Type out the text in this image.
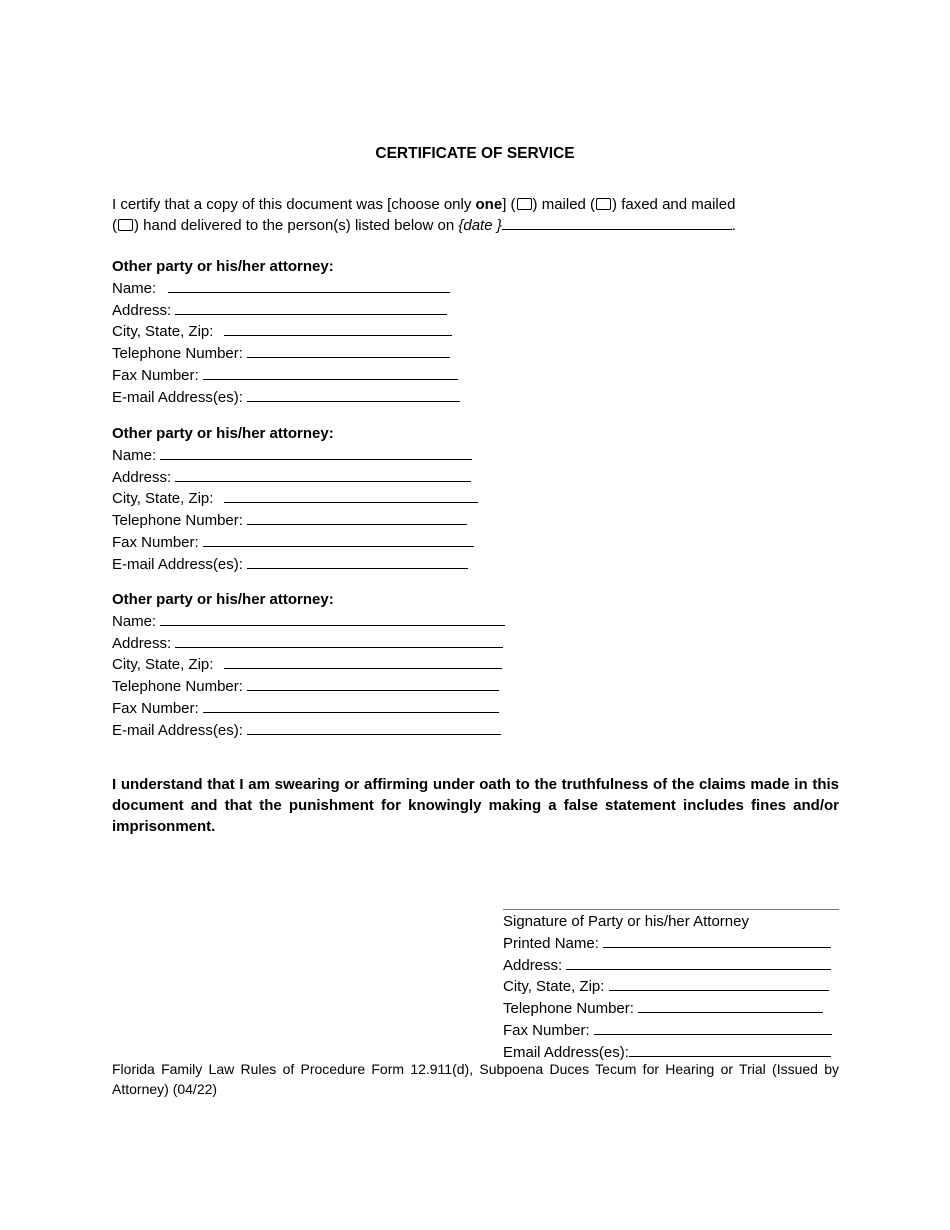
CERTIFICATE OF SERVICE
I certify that a copy of this document was [choose only one] ( ) mailed ( ) faxed and mailed
( ) hand delivered to the person(s) listed below on {date }	.
Other party or his/her attorney:
Name:
Address:
City, State, Zip:
Telephone Number:
Fax Number:
E-mail Address(es):
Other party or his/her attorney:
Name:
Address:
City, State, Zip:
Telephone Number:
Fax Number:
E-mail Address(es):
Other party or his/her attorney:
Name:
Address:
City, State, Zip:
Telephone Number:
Fax Number:
E-mail Address(es):
I understand that I am swearing or affirming under oath to the truthfulness of the claims made in this document and that the punishment for knowingly making a false statement includes fines and/or imprisonment.
Signature of Party or his/her Attorney
Printed Name:
Address:
City, State, Zip:
Telephone Number:
Fax Number:
Email Address(es):
Florida Family Law Rules of Procedure Form 12.911(d), Subpoena Duces Tecum for Hearing or Trial (Issued by Attorney) (04/22)
